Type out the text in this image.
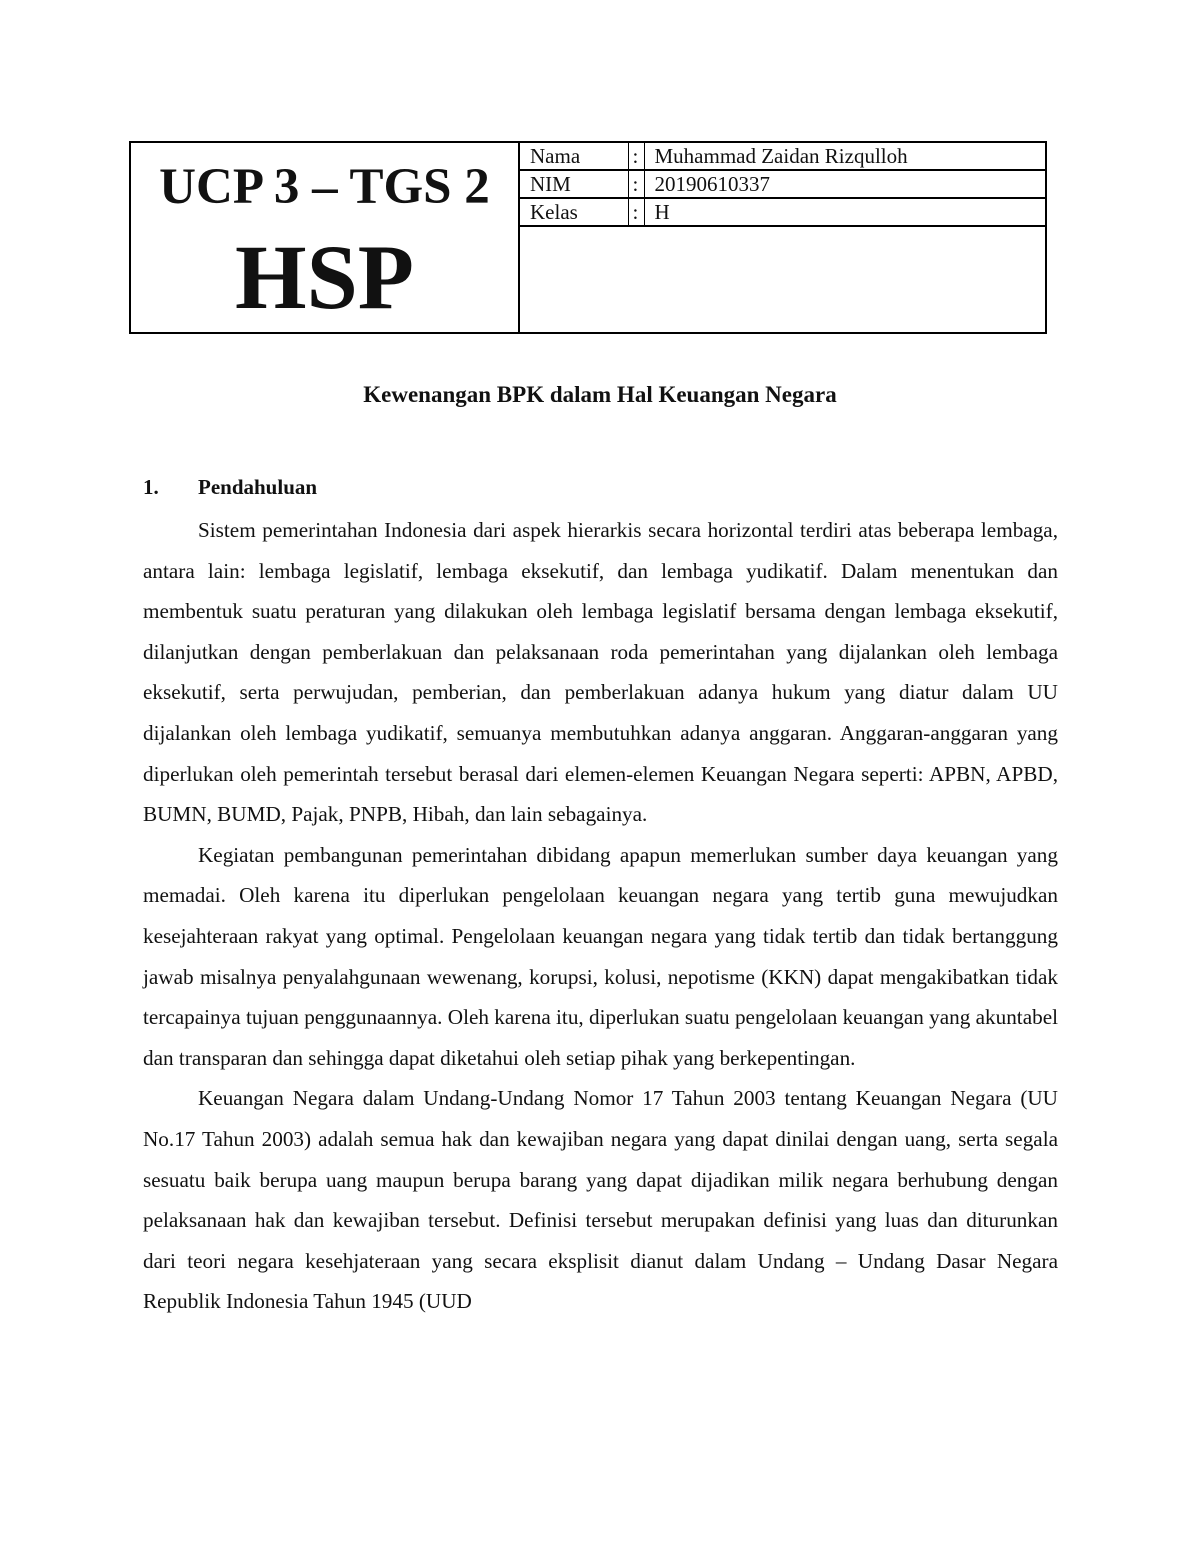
UCP 3 – TGS 2
HSP
Nama	:	Muhammad Zaidan Rizqulloh
NIM	:	20190610337
Kelas	:	H
Kewenangan BPK dalam Hal Keuangan Negara
1. Pendahuluan

Sistem pemerintahan Indonesia dari aspek hierarkis secara horizontal terdiri atas beberapa lembaga, antara lain: lembaga legislatif, lembaga eksekutif, dan lembaga yudikatif. Dalam menentukan dan membentuk suatu peraturan yang dilakukan oleh lembaga legislatif bersama dengan lembaga eksekutif, dilanjutkan dengan pemberlakuan dan pelaksanaan roda pemerintahan yang dijalankan oleh lembaga eksekutif, serta perwujudan, pemberian, dan pemberlakuan adanya hukum yang diatur dalam UU dijalankan oleh lembaga yudikatif, semuanya membutuhkan adanya anggaran. Anggaran-anggaran yang diperlukan oleh pemerintah tersebut berasal dari elemen-elemen Keuangan Negara seperti: APBN, APBD, BUMN, BUMD, Pajak, PNPB, Hibah, dan lain sebagainya.

Kegiatan pembangunan pemerintahan dibidang apapun memerlukan sumber daya keuangan yang memadai. Oleh karena itu diperlukan pengelolaan keuangan negara yang tertib guna mewujudkan kesejahteraan rakyat yang optimal. Pengelolaan keuangan negara yang tidak tertib dan tidak bertanggung jawab misalnya penyalahgunaan wewenang, korupsi, kolusi, nepotisme (KKN) dapat mengakibatkan tidak tercapainya tujuan penggunaannya. Oleh karena itu, diperlukan suatu pengelolaan keuangan yang akuntabel dan transparan dan sehingga dapat diketahui oleh setiap pihak yang berkepentingan.

Keuangan Negara dalam Undang-Undang Nomor 17 Tahun 2003 tentang Keuangan Negara (UU No.17 Tahun 2003) adalah semua hak dan kewajiban negara yang dapat dinilai dengan uang, serta segala sesuatu baik berupa uang maupun berupa barang yang dapat dijadikan milik negara berhubung dengan pelaksanaan hak dan kewajiban tersebut. Definisi tersebut merupakan definisi yang luas dan diturunkan dari teori negara kesehjateraan yang secara eksplisit dianut dalam Undang – Undang Dasar Negara Republik Indonesia Tahun 1945 (UUD
